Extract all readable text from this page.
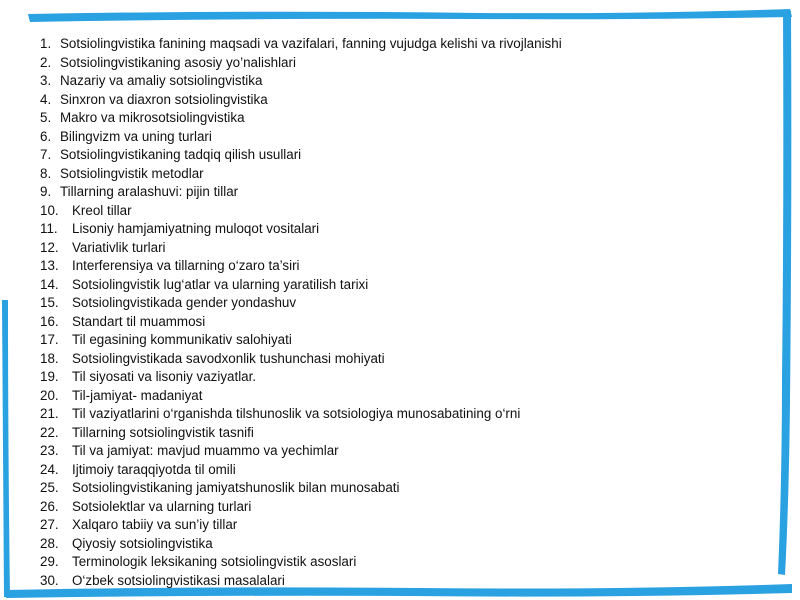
1. Sotsiolingvistika fanining maqsadi va vazifalari, fanning vujudga kelishi va rivojlanishi
2. Sotsiolingvistikaning asosiy yo’nalishlari
3. Nazariy va amaliy sotsiolingvistika
4. Sinxron va diaxron sotsiolingvistika
5. Makro va mikrosotsiolingvistika
6. Bilingvizm va uning turlari
7. Sotsiolingvistikaning tadqiq qilish usullari
8. Sotsiolingvistik metodlar
9. Tillarning aralashuvi: pijin tillar
10. Kreol tillar
11.	Lisoniy hamjamiyatning muloqot vositalari
12. Variativlik turlari
13. Interferensiya va tillarning o‘zaro ta’siri
14. Sotsiolingvistik lug‘atlar va ularning yaratilish tarixi
15. Sotsiolingvistikada gender yondashuv
16. Standart til muammosi
17. Til egasining kommunikativ salohiyati
18. Sotsiolingvistikada savodxonlik tushunchasi mohiyati
19. Til siyosati va lisoniy vaziyatlar.
20. Til-jamiyat- madaniyat
21. Til vaziyatlarini o‘rganishda tilshunoslik va sotsiologiya munosabatining o‘rni
22. Tillarning sotsiolingvistik tasnifi
23. Til va jamiyat: mavjud muammo va yechimlar
24. Ijtimoiy taraqqiyotda til omili
25. Sotsiolingvistikaning jamiyatshunoslik bilan munosabati
26. Sotsiolektlar va ularning turlari
27. Xalqaro tabiiy va sun’iy tillar
28. Qiyosiy sotsiolingvistika
29. Terminologik leksikaning sotsiolingvistik asoslari
30. O‘zbek sotsiolingvistikasi masalalari
